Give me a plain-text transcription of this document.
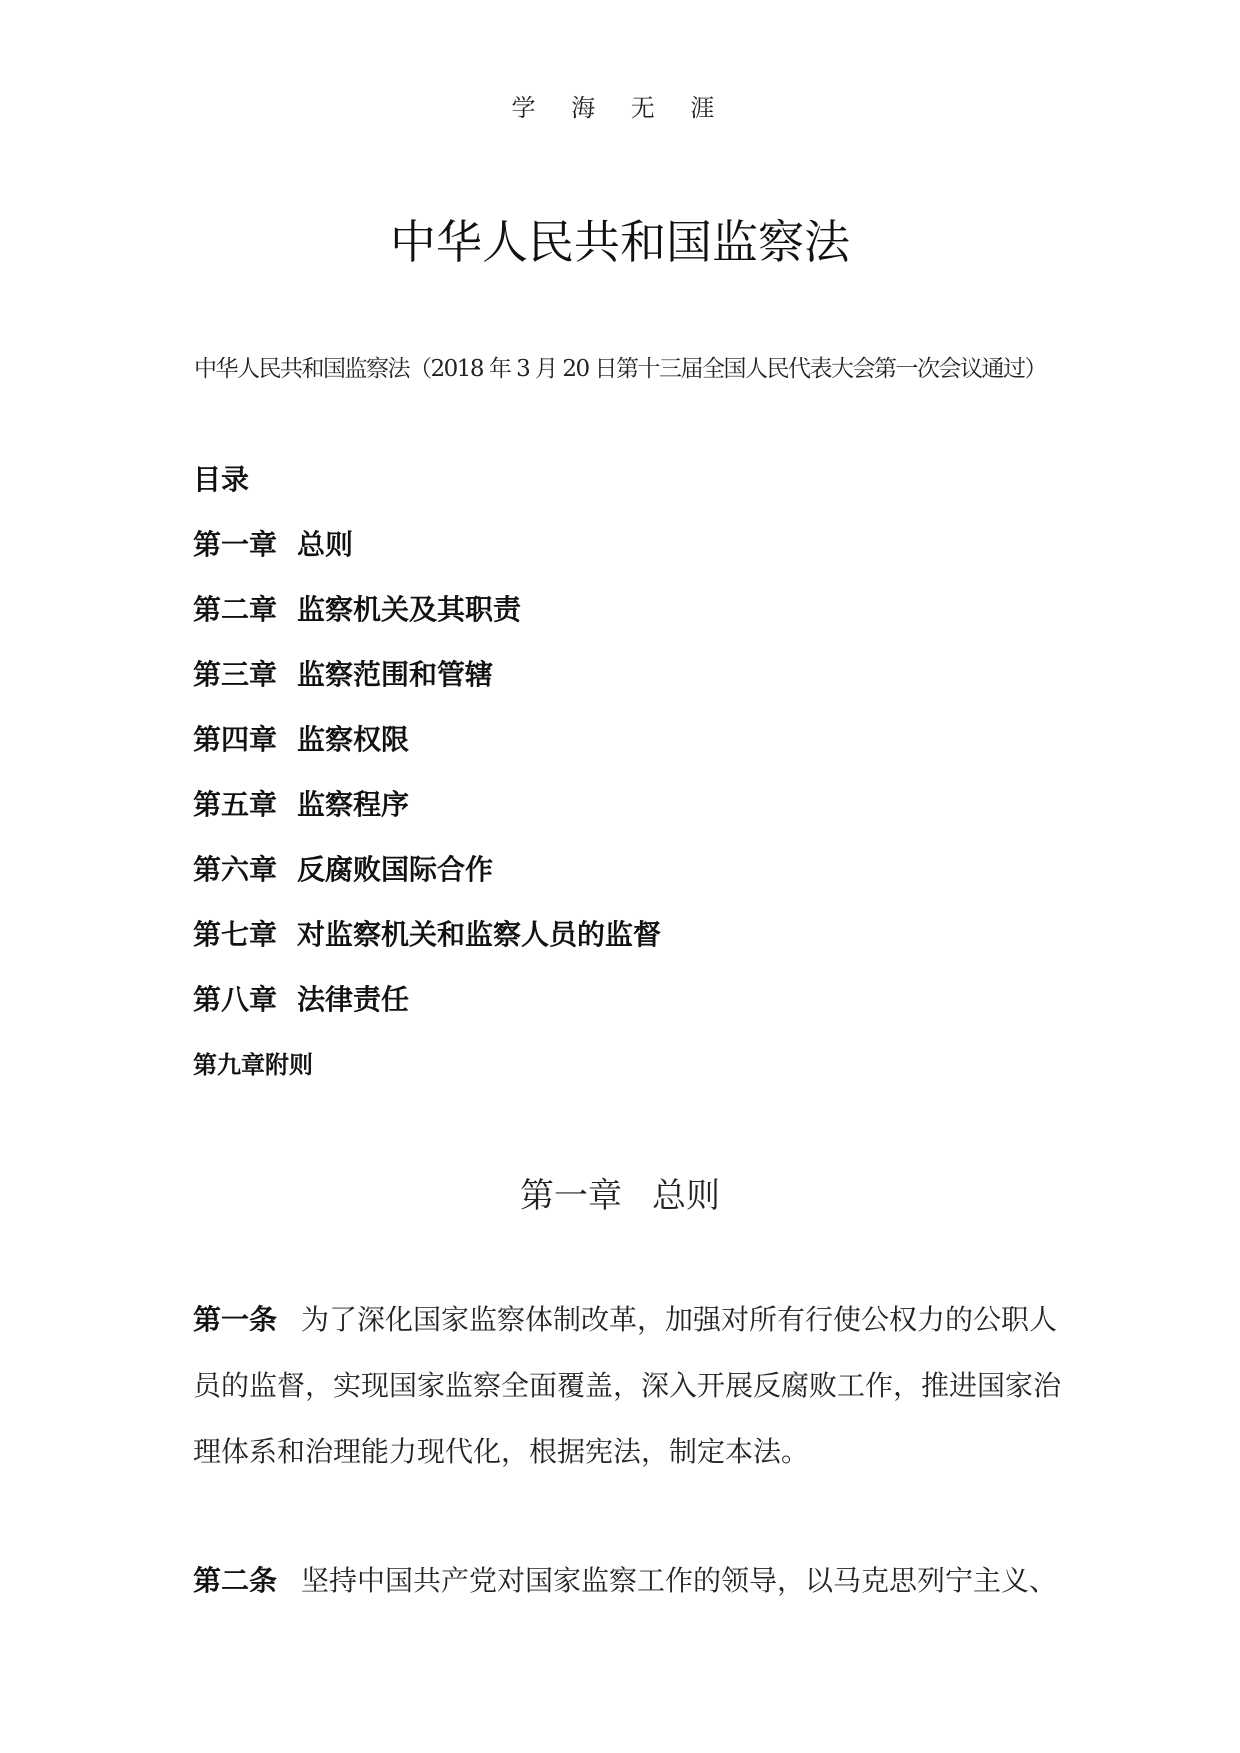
学 海 无 涯
中华人民共和国监察法
中华人民共和国监察法（2018 年 3 月 20 日第十三届全国人民代表大会第一次会议通过）
目录
第一章 总则
第二章 监察机关及其职责
第三章 监察范围和管辖
第四章 监察权限
第五章 监察程序
第六章 反腐败国际合作
第七章 对监察机关和监察人员的监督
第八章 法律责任
第九章附则
第一章 总则

第一条 为了深化国家监察体制改革，加强对所有行使公权力的公职人员的监督，实现国家监察全面覆盖，深入开展反腐败工作，推进国家治理体系和治理能力现代化，根据宪法，制定本法。

第二条 坚持中国共产党对国家监察工作的领导，以马克思列宁主义、
